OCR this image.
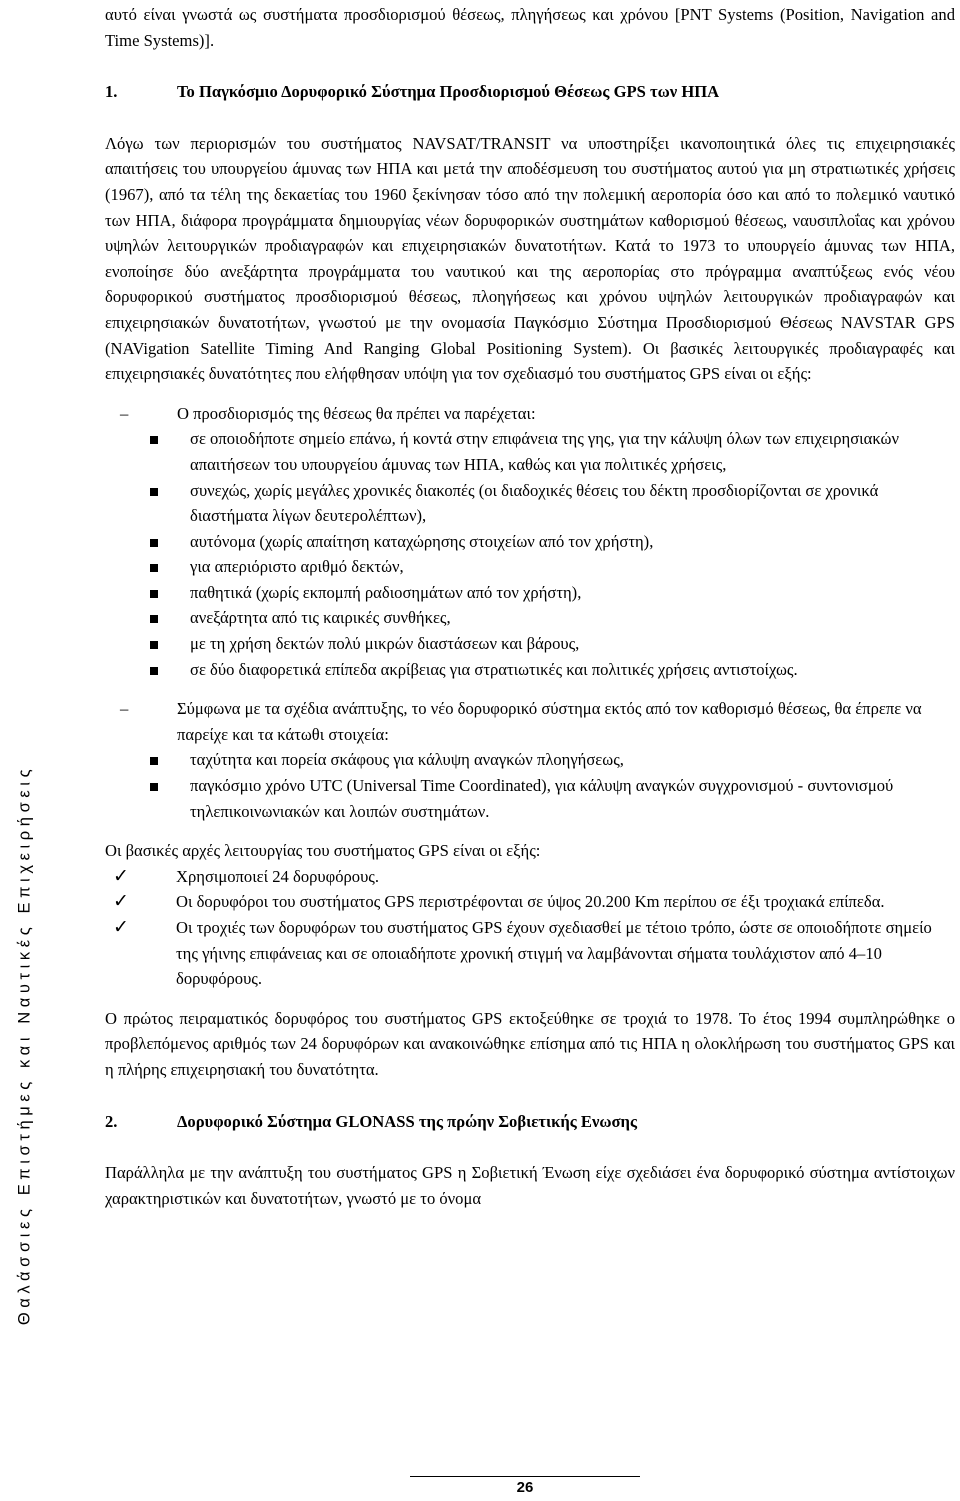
Θαλάσσιες Επιστήμες και Ναυτικές Επιχειρήσεις

αυτό είναι γνωστά ως συστήματα προσδιορισμού θέσεως, πληγήσεως και χρόνου [PNT Systems (Position, Navigation and Time Systems)].

1.	Το Παγκόσμιο Δορυφορικό Σύστημα Προσδιορισμού Θέσεως GPS των ΗΠΑ

Λόγω των περιορισμών του συστήματος NAVSAT/TRANSIT να υποστηρίξει ικανοποιητικά όλες τις επιχειρησιακές απαιτήσεις του υπουργείου άμυνας των ΗΠΑ και μετά την αποδέσμευση του συστήματος αυτού για μη στρατιωτικές χρήσεις (1967), από τα τέλη της δεκαετίας του 1960 ξεκίνησαν τόσο από την πολεμική αεροπορία όσο και από το πολεμικό ναυτικό των ΗΠΑ, διάφορα προγράμματα δημιουργίας νέων δορυφορικών συστημάτων καθορισμού θέσεως, ναυσιπλοΐας και χρόνου υψηλών λειτουργικών προδιαγραφών και επιχειρησιακών δυνατοτήτων. Κατά το 1973 το υπουργείο άμυνας των ΗΠΑ, ενοποίησε δύο ανεξάρτητα προγράμματα του ναυτικού και της αεροπορίας στο πρόγραμμα αναπτύξεως ενός νέου δορυφορικού συστήματος προσδιορισμού θέσεως, πλοηγήσεως και χρόνου υψηλών λειτουργικών προδιαγραφών και επιχειρησιακών δυνατοτήτων, γνωστού με την ονομασία Παγκόσμιο Σύστημα Προσδιορισμού Θέσεως NAVSTAR GPS (NAVigation Satellite Timing And Ranging Global Positioning System). Οι βασικές λειτουργικές προδιαγραφές και επιχειρησιακές δυνατότητες που ελήφθησαν υπόψη για τον σχεδιασμό του συστήματος GPS είναι οι εξής:

–	Ο προσδιορισμός της θέσεως θα πρέπει να παρέχεται:
σε οποιοδήποτε σημείο επάνω, ή κοντά στην επιφάνεια της γης, για την κάλυψη όλων των επιχειρησιακών απαιτήσεων του υπουργείου άμυνας των ΗΠΑ, καθώς και για πολιτικές χρήσεις,
συνεχώς, χωρίς μεγάλες χρονικές διακοπές (οι διαδοχικές θέσεις του δέκτη προσδιορίζονται σε χρονικά διαστήματα λίγων δευτερολέπτων),
αυτόνομα (χωρίς απαίτηση καταχώρησης στοιχείων από τον χρήστη),
για απεριόριστο αριθμό δεκτών,
παθητικά (χωρίς εκπομπή ραδιοσημάτων από τον χρήστη),
ανεξάρτητα από τις καιρικές συνθήκες,
με τη χρήση δεκτών πολύ μικρών διαστάσεων και βάρους,
σε δύο διαφορετικά επίπεδα ακρίβειας για στρατιωτικές και πολιτικές χρήσεις αντιστοίχως.
–	Σύμφωνα με τα σχέδια ανάπτυξης, το νέο δορυφορικό σύστημα εκτός από τον καθορισμό θέσεως, θα έπρεπε να παρείχε και τα κάτωθι στοιχεία:
ταχύτητα και πορεία σκάφους για κάλυψη αναγκών πλοηγήσεως,
παγκόσμιο χρόνο UTC (Universal Time Coordinated), για κάλυψη αναγκών συγχρονισμού - συντονισμού τηλεπικοινωνιακών και λοιπών συστημάτων.

Οι βασικές αρχές λειτουργίας του συστήματος GPS είναι οι εξής:

✓	Χρησιμοποιεί 24 δορυφόρους.
✓	Οι δορυφόροι του συστήματος GPS περιστρέφονται σε ύψος 20.200 Km περίπου σε έξι τροχιακά επίπεδα.
✓	Οι τροχιές των δορυφόρων του συστήματος GPS έχουν σχεδιασθεί με τέτοιο τρόπο, ώστε σε οποιοδήποτε σημείο της γήινης επιφάνειας και σε οποιαδήποτε χρονική στιγμή να λαμβάνονται σήματα τουλάχιστον από 4–10 δορυφόρους.

Ο πρώτος πειραματικός δορυφόρος του συστήματος GPS εκτοξεύθηκε σε τροχιά το 1978. Το έτος 1994 συμπληρώθηκε ο προβλεπόμενος αριθμός των 24 δορυφόρων και ανακοινώθηκε επίσημα από τις ΗΠΑ η ολοκλήρωση του συστήματος GPS και η πλήρης επιχειρησιακή του δυνατότητα.

2.	Δορυφορικό Σύστημα GLONASS της πρώην Σοβιετικής Ενωσης

Παράλληλα με την ανάπτυξη του συστήματος GPS η Σοβιετική Ένωση είχε σχεδιάσει ένα δορυφορικό σύστημα αντίστοιχων χαρακτηριστικών και δυνατοτήτων, γνωστό με το όνομα

26
